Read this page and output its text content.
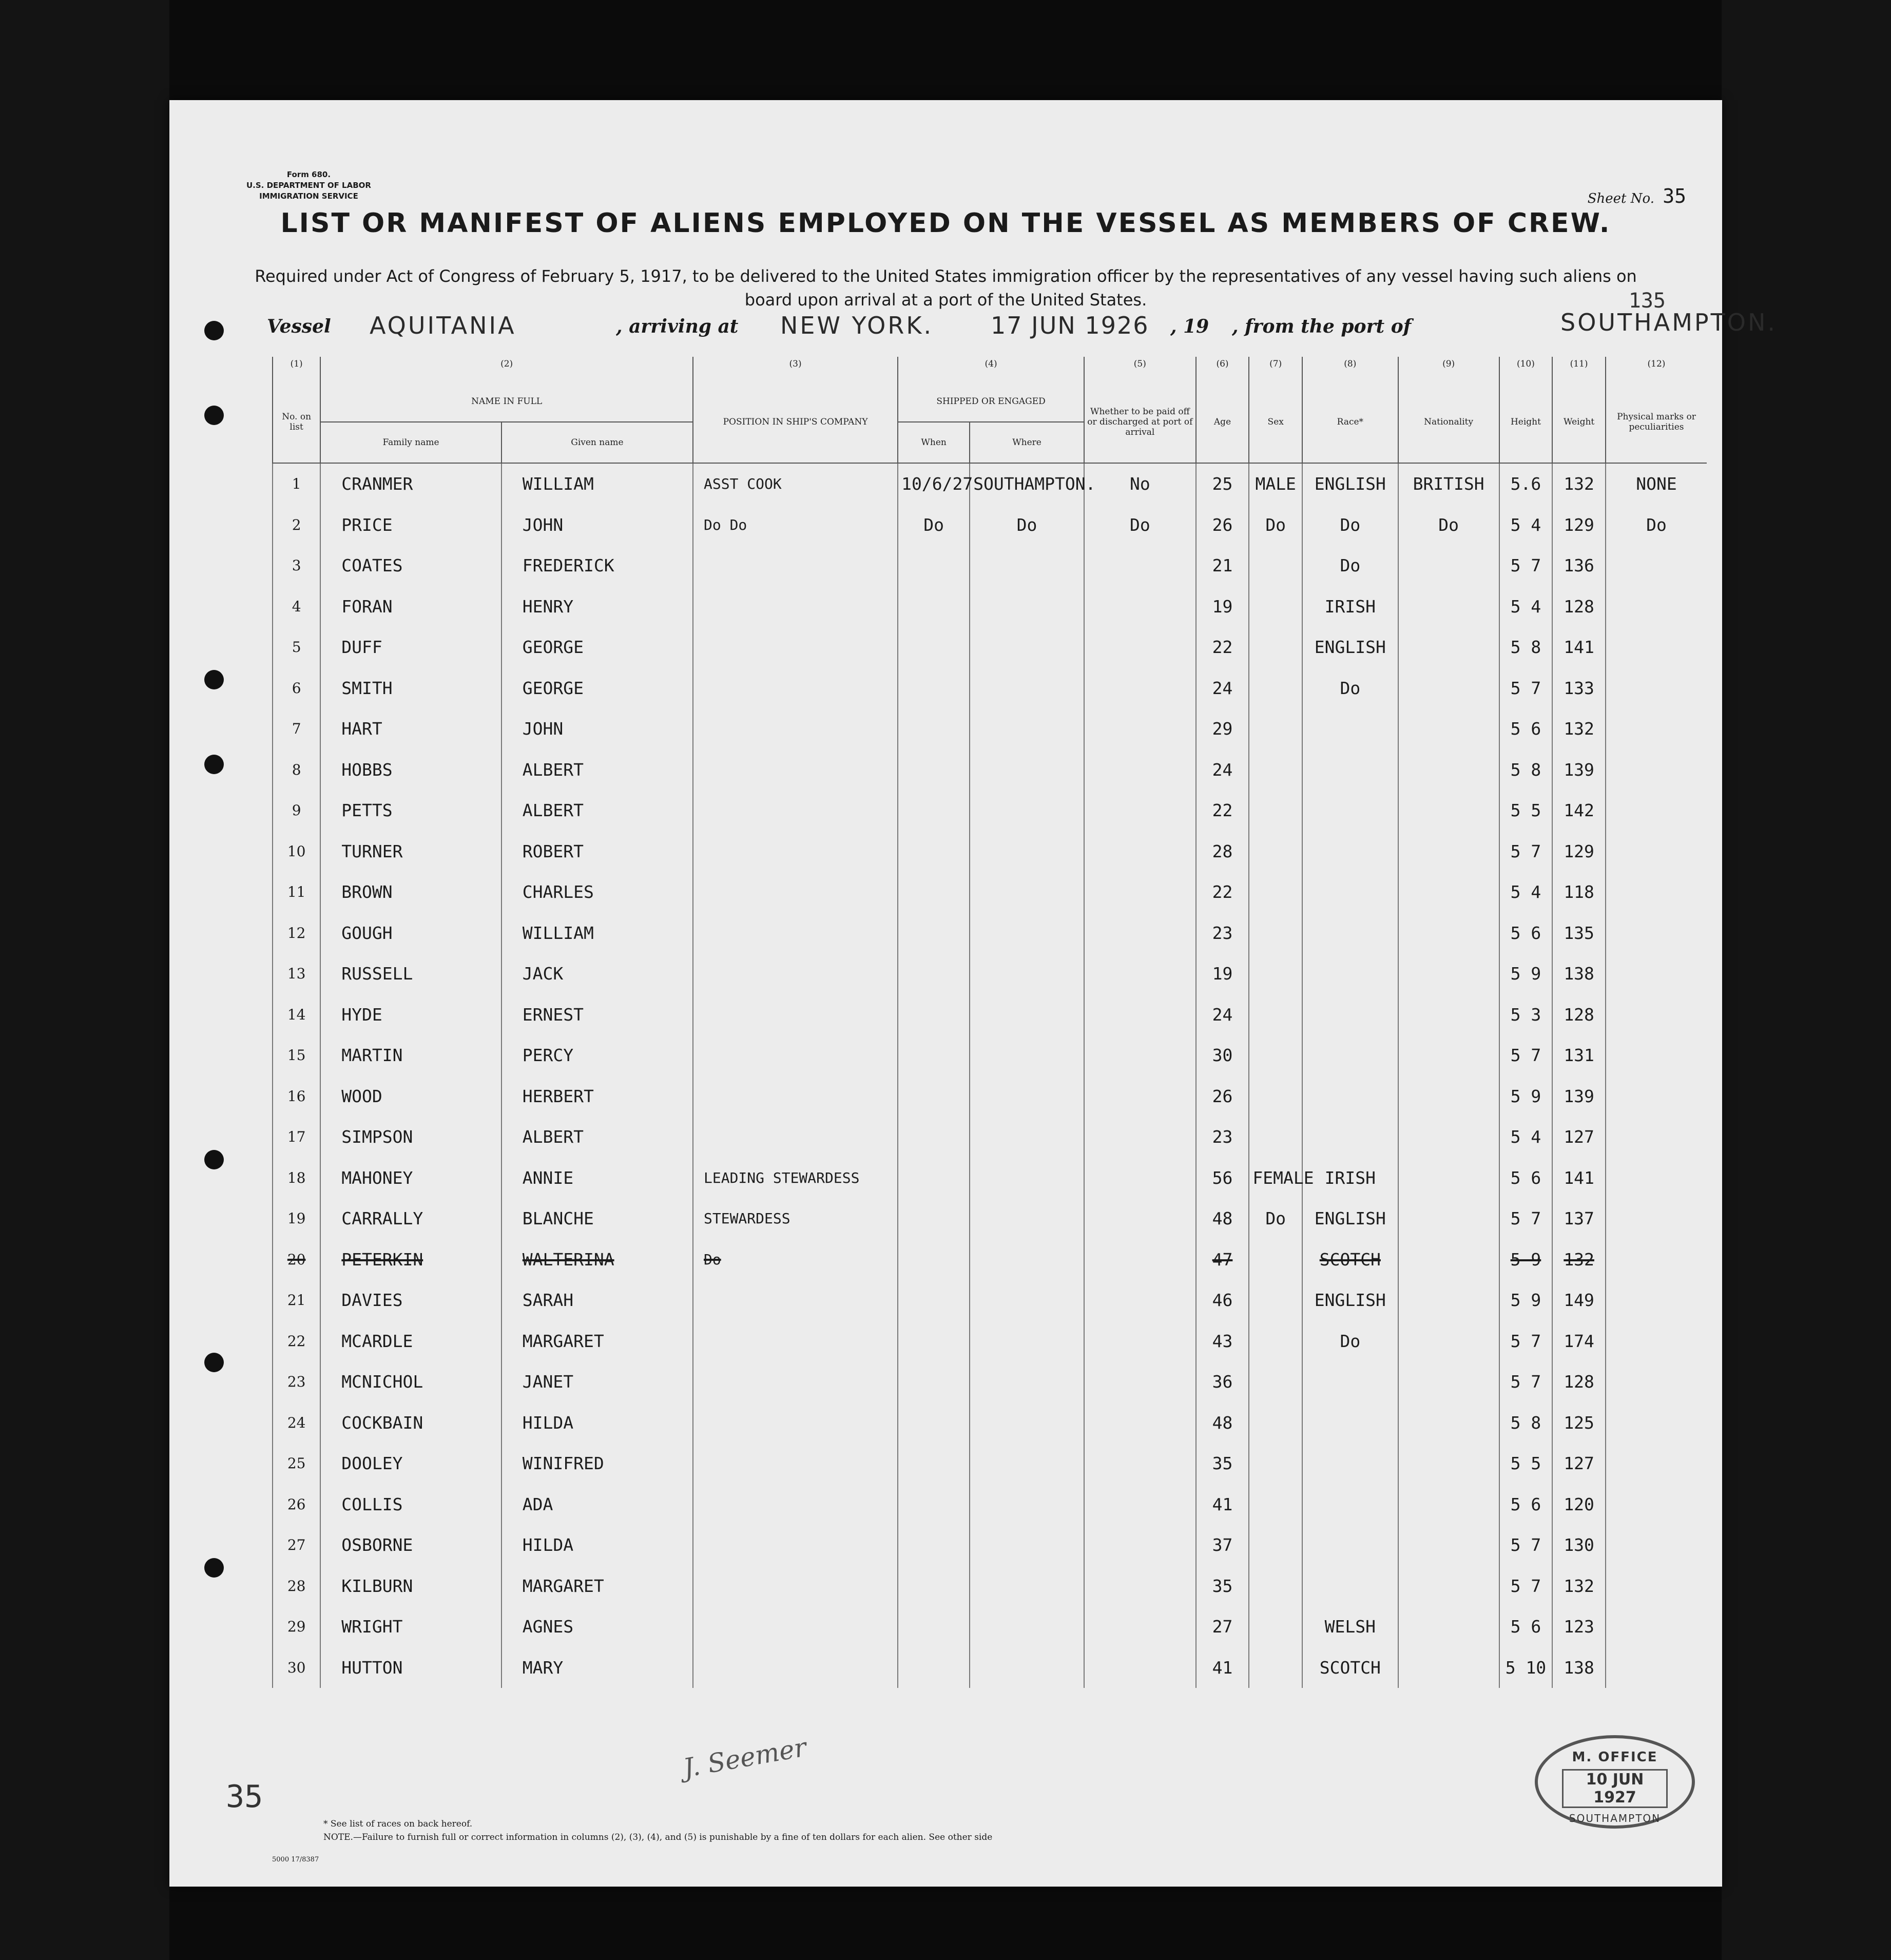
Form 680.
U.S. DEPARTMENT OF LABOR
IMMIGRATION SERVICE	Sheet No. 35
LIST OR MANIFEST OF ALIENS EMPLOYED ON THE VESSEL AS MEMBERS OF CREW.
Required under Act of Congress of February 5, 1917, to be delivered to the United States immigration officer by the representatives of any vessel having such aliens on board upon arrival at a port of the United States.	135
Vessel AQUITANIA	, arriving at NEW YORK. 17 JUN 1926 , 19 , from the port of	SOUTHAMPTON.
(1)	(2)		(3)	(4)		(5)	(6)	(7)	(8)	(9)	(10)	(11)	(12)
No. on list	NAME IN FULL		POSITION IN SHIP'S COMPANY	SHIPPED OR ENGAGED		Whether to be paid off or discharged at port of arrival	Age	Sex	Race*	Nationality	Height	Weight	Physical marks or peculiarities
	Family name	Given name		When	Where								
1	CRANMER	WILLIAM	ASST COOK	10/6/27	SOUTHAMPTON.	No	25	MALE	ENGLISH	BRITISH	5.6	132	NONE
2	PRICE	JOHN	Do Do	Do	Do	Do	26	Do	Do	Do	5 4	129	Do
3	COATES	FREDERICK					21		Do		5 7	136	
4	FORAN	HENRY					19		IRISH		5 4	128	
5	DUFF	GEORGE					22		ENGLISH		5 8	141	
6	SMITH	GEORGE					24		Do		5 7	133	
7	HART	JOHN					29				5 6	132	
8	HOBBS	ALBERT					24				5 8	139	
9	PETTS	ALBERT					22				5 5	142	
10	TURNER	ROBERT					28				5 7	129	
11	BROWN	CHARLES					22				5 4	118	
12	GOUGH	WILLIAM					23				5 6	135	
13	RUSSELL	JACK					19				5 9	138	
14	HYDE	ERNEST					24				5 3	128	
15	MARTIN	PERCY					30				5 7	131	
16	WOOD	HERBERT					26				5 9	139	
17	SIMPSON	ALBERT					23				5 4	127	
18	MAHONEY	ANNIE	LEADING STEWARDESS				56	FEMALE	IRISH		5 6	141	
19	CARRALLY	BLANCHE	STEWARDESS				48	Do	ENGLISH		5 7	137	
20	PETERKIN	WALTERINA	Do				47		SCOTCH		5 9	132	
21	DAVIES	SARAH					46		ENGLISH		5 9	149	
22	MCARDLE	MARGARET					43		Do		5 7	174	
23	MCNICHOL	JANET					36				5 7	128	
24	COCKBAIN	HILDA					48				5 8	125	
25	DOOLEY	WINIFRED					35				5 5	127	
26	COLLIS	ADA					41				5 6	120	
27	OSBORNE	HILDA					37				5 7	130	
28	KILBURN	MARGARET					35				5 7	132	
29	WRIGHT	AGNES					27		WELSH		5 6	123	
30	HUTTON	MARY					41		SCOTCH		5 10	138	
35
J. Seemer
* See list of races on back hereof.
NOTE.—Failure to furnish full or correct information in columns (2), (3), (4), and (5) is punishable by a fine of ten dollars for each alien. See other side
5000 17/8387
M. OFFICE
10 JUN 1927
SOUTHAMPTON
